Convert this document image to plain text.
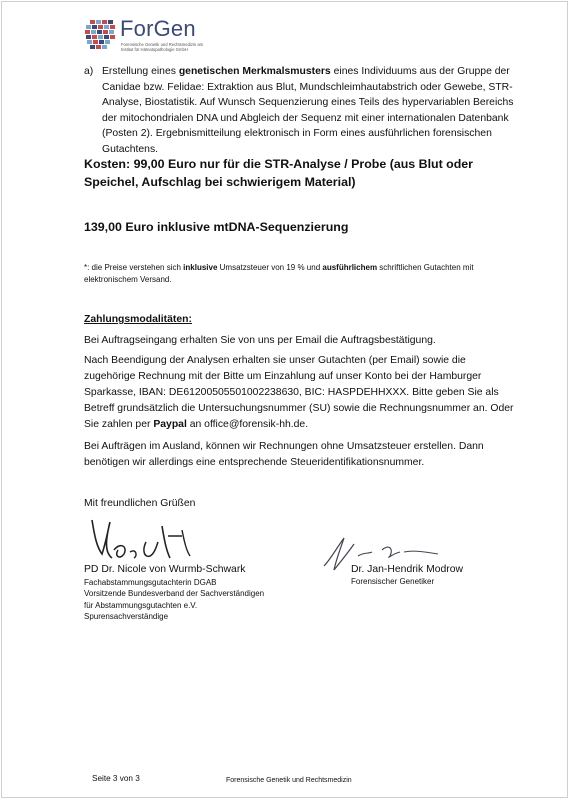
ForGen
Forensische Genetik und Rechtsmedizin am Institut für Hämatopathologie GmbH
a) Erstellung eines genetischen Merkmalsmusters eines Individuums aus der Gruppe der Canidae bzw. Felidae: Extraktion aus Blut, Mundschleimhautabstrich oder Gewebe, STR-Analyse, Biostatistik. Auf Wunsch Sequenzierung eines Teils des hypervariablen Bereichs der mitochondrialen DNA und Abgleich der Sequenz mit einer internationalen Datenbank (Posten 2). Ergebnismitteilung elektronisch in Form eines ausführlichen forensischen Gutachtens.
Kosten: 99,00 Euro nur für die STR-Analyse / Probe (aus Blut oder Speichel, Aufschlag bei schwierigem Material)
139,00 Euro inklusive mtDNA-Sequenzierung
*: die Preise verstehen sich inklusive Umsatzsteuer von 19 % und ausführlichem schriftlichen Gutachten mit elektronischem Versand.
Zahlungsmodalitäten:
Bei Auftragseingang erhalten Sie von uns per Email die Auftragsbestätigung.
Nach Beendigung der Analysen erhalten sie unser Gutachten (per Email) sowie die zugehörige Rechnung mit der Bitte um Einzahlung auf unser Konto bei der Hamburger Sparkasse, IBAN: DE61200505501002238630, BIC: HASPDEHHXXX. Bitte geben Sie als Betreff grundsätzlich die Untersuchungsnummer (SU) sowie die Rechnungsnummer an. Oder Sie zahlen per Paypal an office@forensik-hh.de.
Bei Aufträgen im Ausland, können wir Rechnungen ohne Umsatzsteuer erstellen. Dann benötigen wir allerdings eine entsprechende Steueridentifikationsnummer.
Mit freundlichen Grüßen
PD Dr. Nicole von Wurmb-Schwark
Fachabstammungsgutachterin DGAB
Vorsitzende Bundesverband der Sachverständigen
für Abstammungsgutachten e.V.
Spurensachverständige
Dr. Jan-Hendrik Modrow
Forensischer Genetiker
Seite 3 von 3	Forensische Genetik und Rechtsmedizin
